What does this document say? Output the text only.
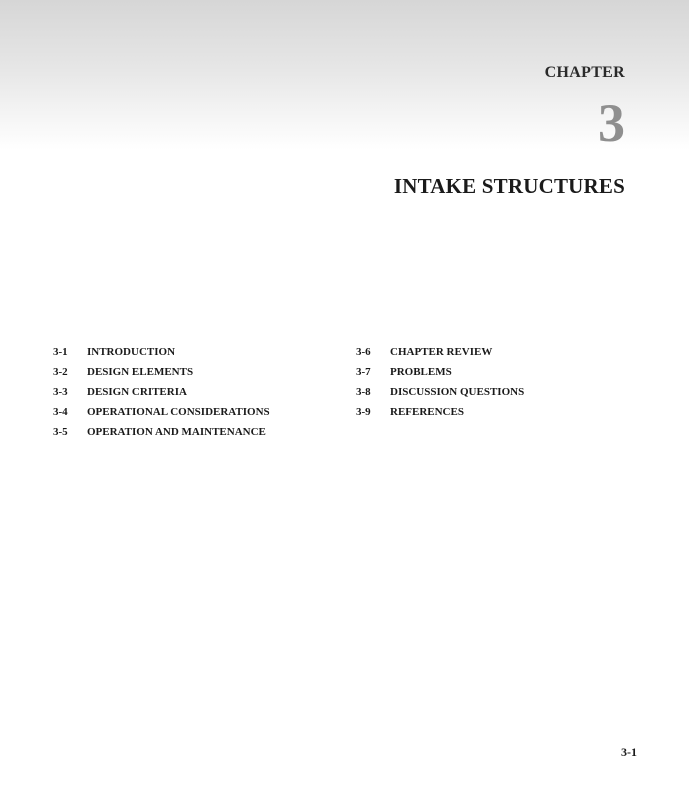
CHAPTER
3
INTAKE STRUCTURES
3-1	INTRODUCTION
3-2	DESIGN ELEMENTS
3-3	DESIGN CRITERIA
3-4	OPERATIONAL CONSIDERATIONS
3-5	OPERATION AND MAINTENANCE
3-6	CHAPTER REVIEW
3-7	PROBLEMS
3-8	DISCUSSION QUESTIONS
3-9	REFERENCES
3-1
